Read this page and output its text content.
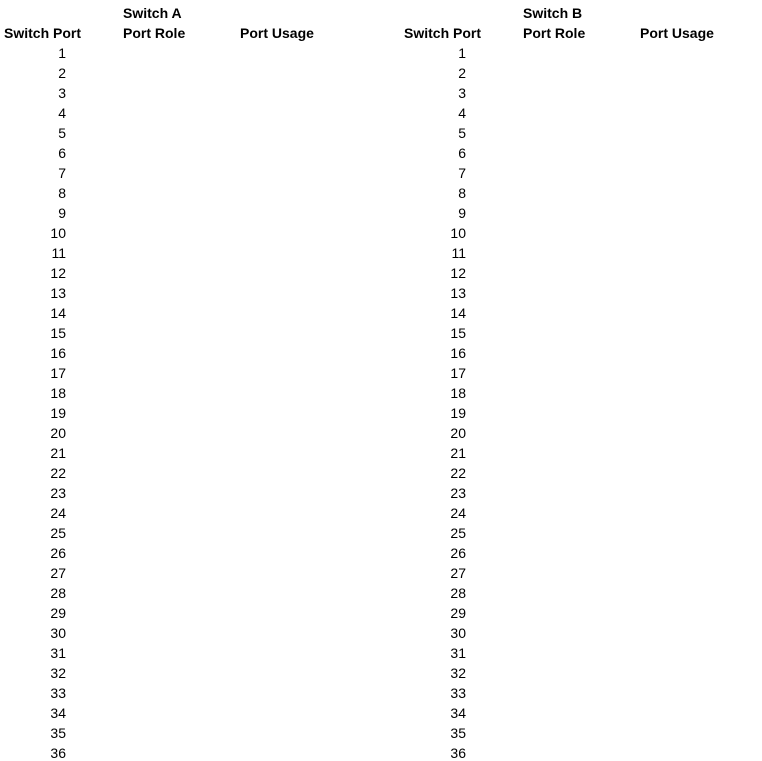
Switch A
Switch Port	Port Role	Port Usage
1
2
3
4
5
6
7
8
9
10
11
12
13
14
15
16
17
18
19
20
21
22
23
24
25
26
27
28
29
30
31
32
33
34
35
36
Switch B
Switch Port	Port Role	Port Usage
1
2
3
4
5
6
7
8
9
10
11
12
13
14
15
16
17
18
19
20
21
22
23
24
25
26
27
28
29
30
31
32
33
34
35
36
